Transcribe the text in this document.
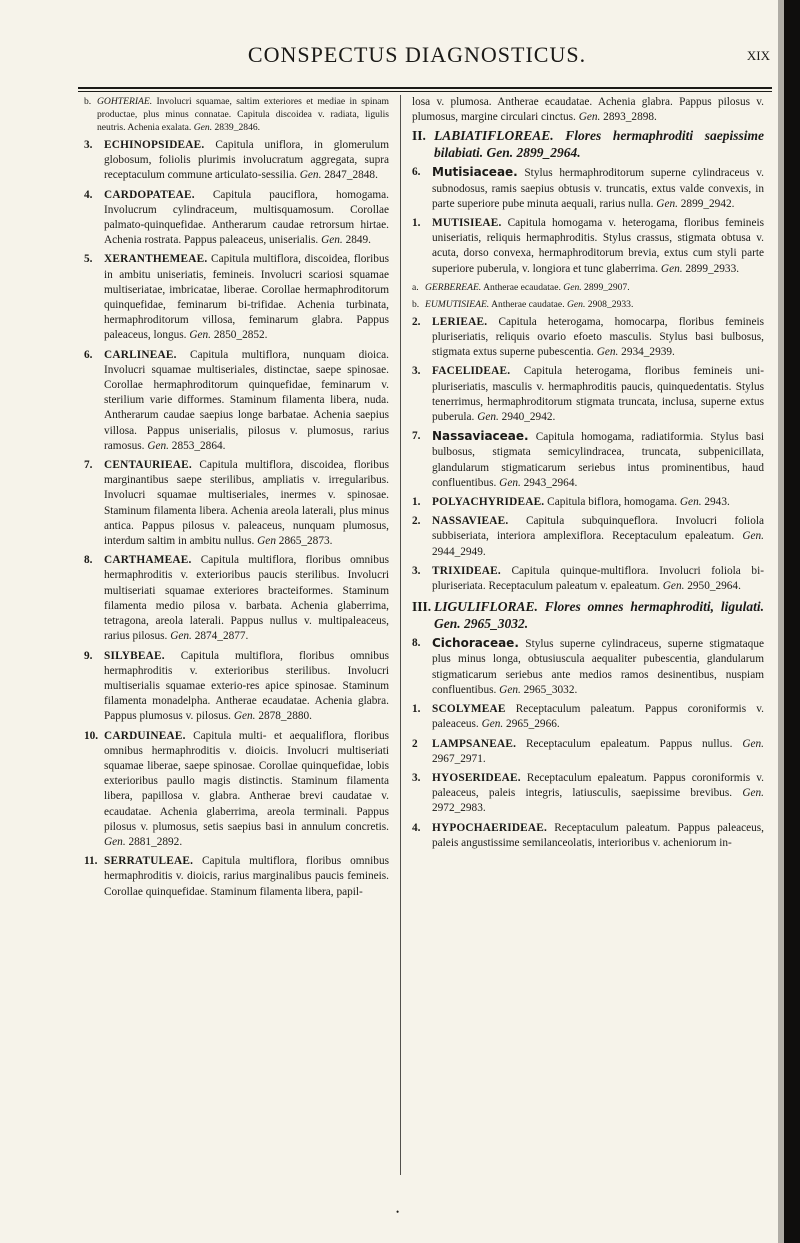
CONSPECTUS DIAGNOSTICUS.	XIX
b. GOHTERIAE. Involucri squamae, saltim exteriores et mediae in spinam productae, plus minus connatae. Capitula discoidea v. radiata, ligulis neutris. Achenia exalata. Gen. 2839_2846.
3. ECHINOPSIDEAE. Capitula uniflora, in glomerulum globosum, foliolis plurimis involucratum aggregata, supra receptaculum commune articulato-sessilia. Gen. 2847_2848.
4. CARDOPATEAE. Capitula pauciflora, homogama. Involucrum cylindraceum, multisquamosum. Corollae palmato-quinquefidae. Antherarum caudae retrorsum hirtae. Achenia rostrata. Pappus paleaceus, uniserialis. Gen. 2849.
5. XERANTHEMEAE. Capitula multiflora, discoidea, floribus in ambitu uniseriatis, femineis. Involucri scariosi squamae multiseriatae, imbricatae, liberae. Corollae hermaphroditorum quinquefidae, feminarum bi-trifidae. Achenia turbinata, hermaphroditorum villosa, feminarum glabra. Pappus paleaceus, longus. Gen. 2850_2852.
6. CARLINEAE. Capitula multiflora, nunquam dioica. Involucri squamae multiseriales, distinctae, saepe spinosae. Corollae hermaphroditorum quinquefidae, feminarum v. sterilium varie difformes. Staminum filamenta libera, nuda. Antherarum caudae saepius longe barbatae. Achenia saepius villosa. Pappus uniserialis, pilosus v. plumosus, rarius ramosus. Gen. 2853_2864.
7. CENTAURIEAE. Capitula multiflora, discoidea, floribus marginantibus saepe sterilibus, ampliatis v. irregularibus. Involucri squamae multiseriales, inermes v. spinosae. Staminum filamenta libera. Achenia areola laterali, plus minus antica. Pappus pilosus v. paleaceus, nunquam plumosus, interdum saltim in ambitu nullus. Gen 2865_2873.
8. CARTHAMEAE. Capitula multiflora, floribus omnibus hermaphroditis v. exterioribus paucis sterilibus. Involucri multiseriati squamae exteriores bracteiformes. Staminum filamenta medio pilosa v. barbata. Achenia glaberrima, tetragona, areola laterali. Pappus nullus v. multipaleaceus, rarius pilosus. Gen. 2874_2877.
9. SILYBEAE. Capitula multiflora, floribus omnibus hermaphroditis v. exterioribus sterilibus. Involucri multiserialis squamae exterio-res apice spinosae. Staminum filamenta monadelpha. Antherae ecaudatae. Achenia glabra. Pappus plumosus v. pilosus. Gen. 2878_2880.
10. CARDUINEAE. Capitula multi- et aequaliflora, floribus omnibus hermaphroditis v. dioicis. Involucri multiseriati squamae liberae, saepe spinosae. Corollae quinquefidae, lobis exterioribus paullo magis distinctis. Staminum filamenta libera, papillosa v. glabra. Antherae brevi caudatae v. ecaudatae. Achenia glaberrima, areola terminali. Pappus pilosus v. plumosus, setis saepius basi in annulum concretis. Gen. 2881_2892.
11. SERRATULEAE. Capitula multiflora, floribus omnibus hermaphroditis v. dioicis, rarius marginalibus paucis femineis. Corollae quinquefidae. Staminum filamenta libera, papil-
losa v. plumosa. Antherae ecaudatae. Achenia glabra. Pappus pilosus v. plumosus, margine circulari cinctus. Gen. 2893_2898.
II. LABIATIFLOREAE. Flores hermaphroditi saepissime bilabiati. Gen. 2899_2964.
6. Mutisiaceae. Stylus hermaphroditorum superne cylindraceus v. subnodosus, ramis saepius obtusis v. truncatis, extus valde convexis, in parte superiore pube minuta aequali, rarius nulla. Gen. 2899_2942.
1. MUTISIEAE. Capitula homogama v. heterogama, floribus femineis uniseriatis, reliquis hermaphroditis. Stylus crassus, stigmata obtusa v. acuta, dorso convexa, hermaphroditorum brevia, extus cum styli parte superiore puberula, v. longiora et tunc glaberrima. Gen. 2899_2933.
a. GERBEREAE. Antherae ecaudatae. Gen. 2899_2907.
b. EUMUTISIEAE. Antherae caudatae. Gen. 2908_2933.
2. LERIEAE. Capitula heterogama, homocarpa, floribus femineis pluriseriatis, reliquis ovario efoeto masculis. Stylus basi bulbosus, stigmata extus superne pubescentia. Gen. 2934_2939.
3. FACELIDEAE. Capitula heterogama, floribus femineis uni-pluriseriatis, masculis v. hermaphroditis paucis, quinquedentatis. Stylus tenerrimus, hermaphroditorum stigmata truncata, inclusa, superne extus puberula. Gen. 2940_2942.
7. Nassaviaceae. Capitula homogama, radiatiformia. Stylus basi bulbosus, stigmata semicylindracea, truncata, subpenicillata, glandularum stigmaticarum seriebus intus prominentibus, haud confluentibus. Gen. 2943_2964.
1. POLYACHYRIDEAE. Capitula biflora, homogama. Gen. 2943.
2. NASSAVIEAE. Capitula subquinqueflora. Involucri foliola subbiseriata, interiora amplexiflora. Receptaculum epaleatum. Gen. 2944_2949.
3. TRIXIDEAE. Capitula quinque-multiflora. Involucri foliola bi-pluriseriata. Receptaculum paleatum v. epaleatum. Gen. 2950_2964.
III. LIGULIFLORAE. Flores omnes hermaphroditi, ligulati. Gen. 2965_3032.
8. Cichoraceae. Stylus superne cylindraceus, superne stigmataque plus minus longa, obtusiuscula aequaliter pubescentia, glandularum stigmaticarum seriebus ante medios ramos desinentibus, nuspiam confluentibus. Gen. 2965_3032.
1. SCOLYMEAE Receptaculum paleatum. Pappus coroniformis v. paleaceus. Gen. 2965_2966.
2 LAMPSANEAE. Receptaculum epaleatum. Pappus nullus. Gen. 2967_2971.
3. HYOSERIDEAE. Receptaculum epaleatum. Pappus coroniformis v. paleaceus, paleis integris, latiusculis, saepissime brevibus. Gen. 2972_2983.
4. HYPOCHAERIDEAE. Receptaculum paleatum. Pappus paleaceus, paleis angustissime semilanceolatis, interioribus v. acheniorum in-
•
